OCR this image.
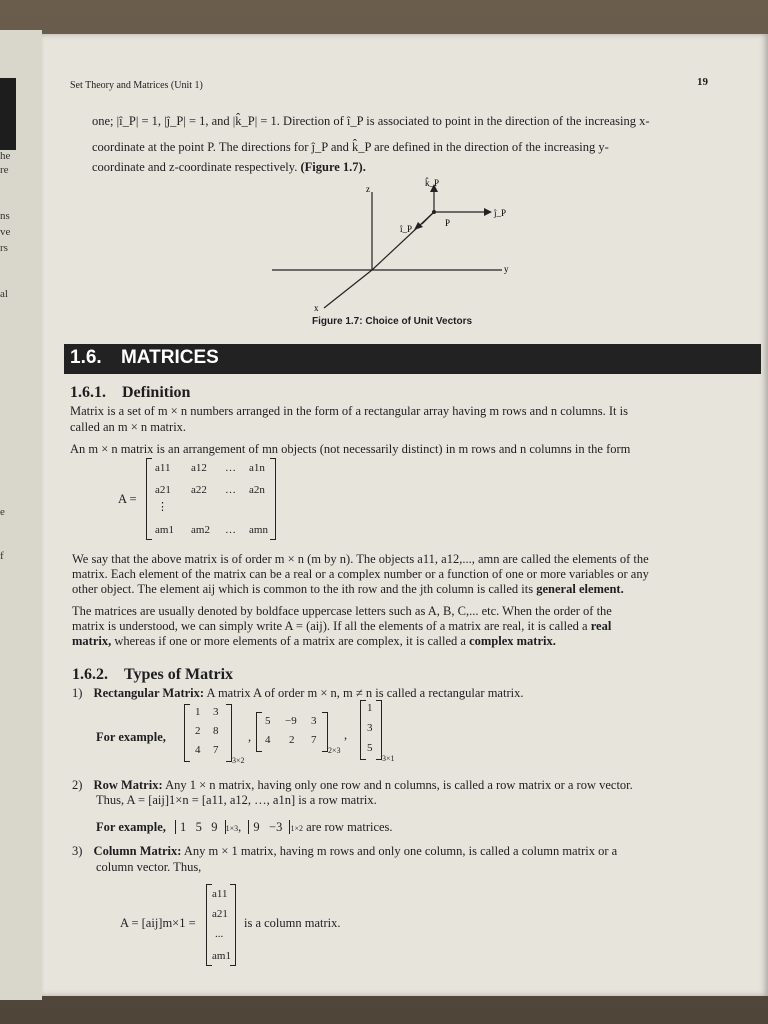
he
re
ns
ve
rs
al
e
f
Set Theory and Matrices (Unit 1)	19
one; |î_P| = 1, |ĵ_P| = 1, and |k̂_P| = 1. Direction of î_P is associated to point in the direction of the increasing x-
coordinate at the point P. The directions for ĵ_P and k̂_P are defined in the direction of the increasing y-
coordinate and z-coordinate respectively. (Figure 1.7).
z
y
x
P
ĵ_P
k̂_P
î_P
Figure 1.7: Choice of Unit Vectors
1.6. MATRICES
1.6.1. Definition
Matrix is a set of m × n numbers arranged in the form of a rectangular array having m rows and n columns. It is
called an m × n matrix.
An m × n matrix is an arrangement of mn objects (not necessarily distinct) in m rows and n columns in the form
A =
a11 a12 … a1n
a21 a22 … a2n
⋮
am1 am2 … amn
We say that the above matrix is of order m × n (m by n). The objects a11, a12,..., amn are called the elements of the
matrix. Each element of the matrix can be a real or a complex number or a function of one or more variables or any
other object. The element aij which is common to the ith row and the jth column is called its general element.
The matrices are usually denoted by boldface uppercase letters such as A, B, C,... etc. When the order of the
matrix is understood, we can simply write A = (aij). If all the elements of a matrix are real, it is called a real
matrix, whereas if one or more elements of a matrix are complex, it is called a complex matrix.
1.6.2. Types of Matrix
1) Rectangular Matrix: A matrix A of order m × n, m ≠ n is called a rectangular matrix.
For example,
1 3
2 8
4 7
3×2
,
5 −9 3
4 2 7
2×3
,
1
3
5
3×1
2) Row Matrix: Any 1 × n matrix, having only one row and n columns, is called a row matrix or a row vector.
Thus, A = [aij]1×n = [a11, a12, …, a1n] is a row matrix.
For example, 1 5 9 1×3, 9 −3 1×2 are row matrices.
3) Column Matrix: Any m × 1 matrix, having m rows and only one column, is called a column matrix or a
column vector. Thus,
A = [aij]m×1 =
a11
a21
...
am1
is a column matrix.
